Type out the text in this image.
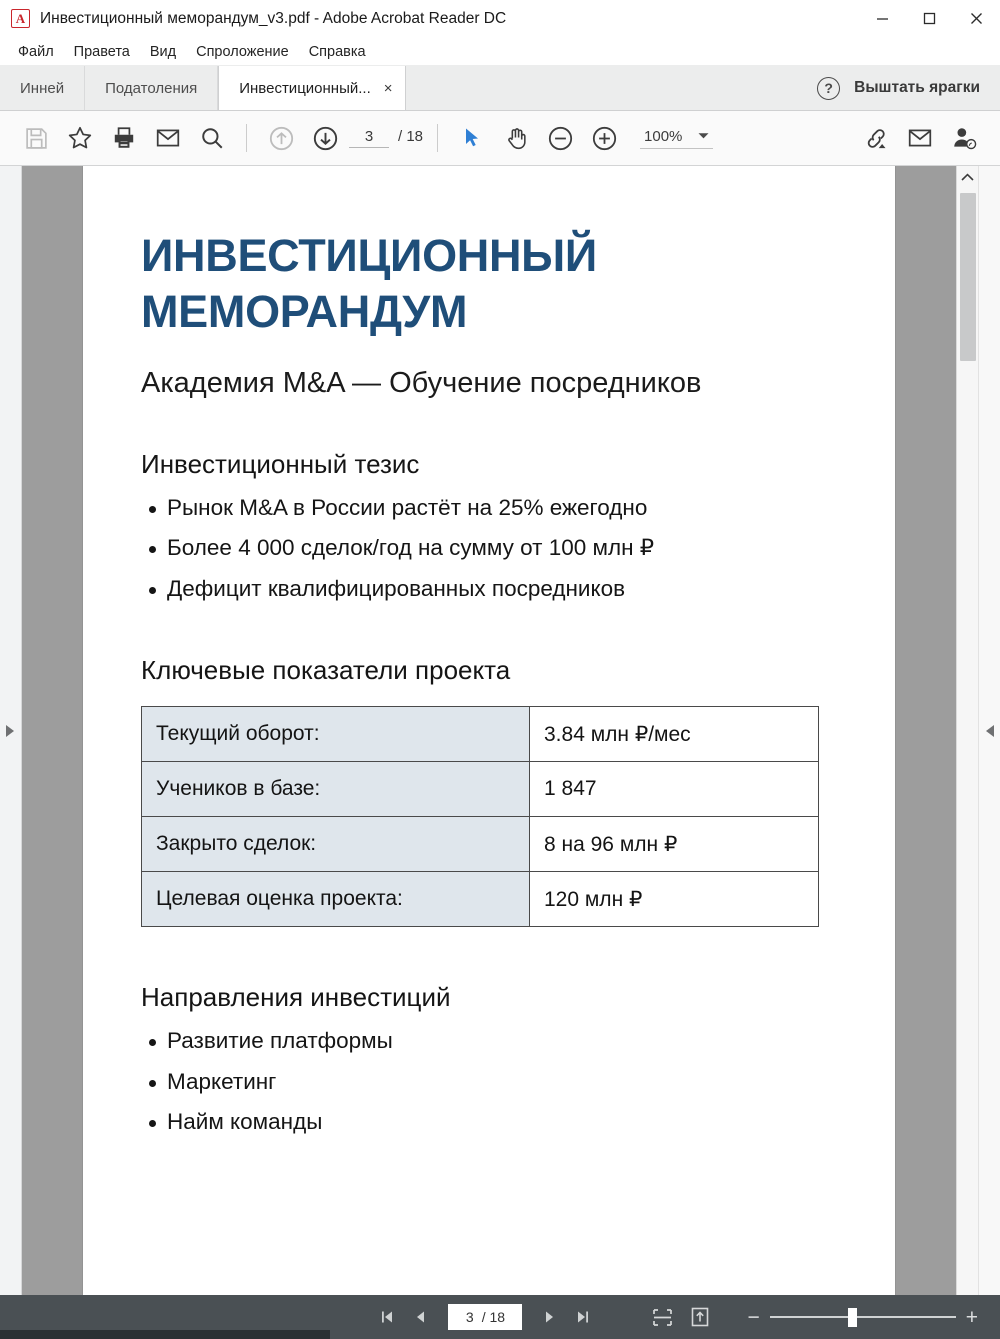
A
Инвестиционный меморандум_v3.pdf - Adobe Acrobat Reader DC
Файл	Правета	Вид	Спроложение	Справка
Инней	Податоления	Инвестиционный... ×	?	Выштать ярагки
3	/ 18	100%
ИНВЕСТИЦИОННЫЙ МЕМОРАНДУМ
Академия M&A — Обучение посредников
Инвестиционный тезис
Рынок M&A в России растёт на 25% ежегодно
Более 4 000 сделок/год на сумму от 100 млн ₽
Дефицит квалифицированных посредников
Ключевые показатели проекта
Текущий оборот:	3.84 млн ₽/мес
Учеников в базе:	1 847
Закрыто сделок:	8 на 96 млн ₽
Целевая оценка проекта:	120 млн ₽
Направления инвестиций
Развитие платформы
Маркетинг
Найм команды
3 / 18	−	+
